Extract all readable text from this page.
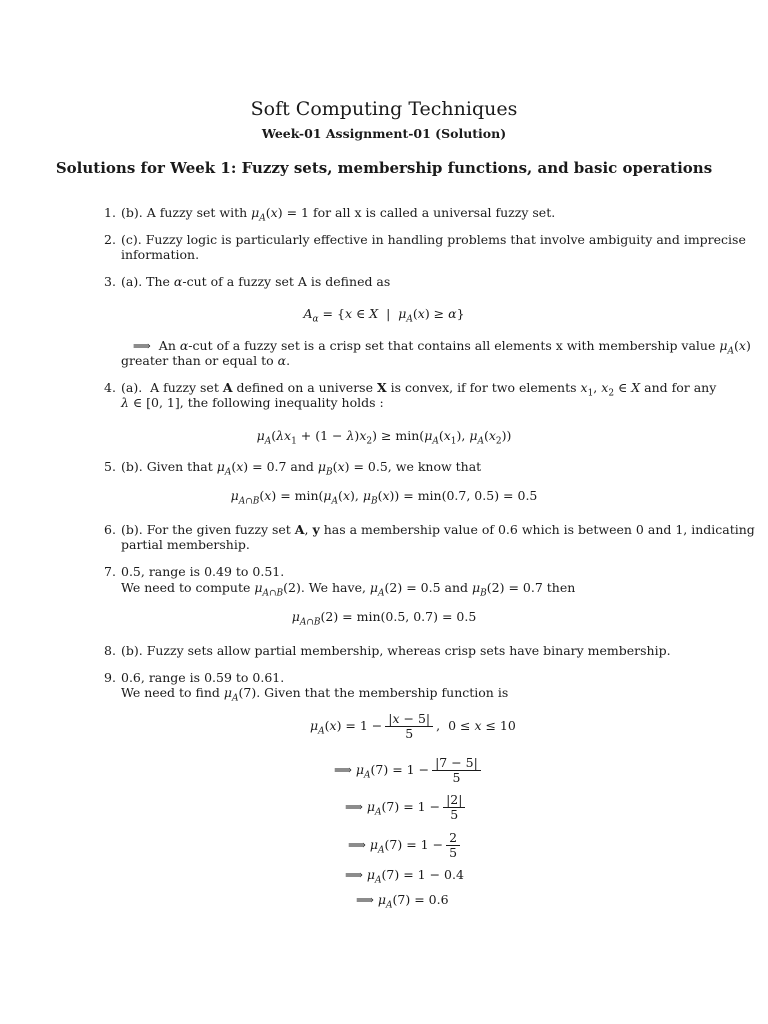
Soft Computing Techniques
Week-01 Assignment-01 (Solution)
Solutions for Week 1: Fuzzy sets, membership functions, and basic operations
1. (b). A fuzzy set with $\mu_A(x) = 1$ for all x is called a universal fuzzy set.
2. (c). Fuzzy logic is particularly effective in handling problems that involve ambiguity and imprecise
information.
3. (a). The α-cut of a fuzzy set A is defined as
$A_\alpha = \{x$ ∈ X  |  $\mu_A(x) \ge \alpha$}
⟹  An α-cut of a fuzzy set is a crisp set that contains all elements x with membership value $\mu_A(x)$
greater than or equal to α.
4. (a).  A fuzzy set A defined on a universe X is convex, if for two elements $x_1$, $x_2$ ∈ X and for any
λ ∈ [0, 1], the following inequality holds :
$\mu_A(\lambda x_1 + (1 - \lambda)x_2) \ge \min(\mu_A(x_1)$, $\mu_A(x_2)$)
5. (b). Given that $\mu_A(x) = 0.7$ and $\mu_B(x) = 0.5$, we know that
$\mu_{A\cap B}(x) = \min(\mu_A(x)$, $\mu_B(x)) = \min(0.7$, 0.5) = 0.5
6. (b). For the given fuzzy set A, y has a membership value of 0.6 which is between 0 and 1, indicating
partial membership.
7. 0.5, range is 0.49 to 0.51.
We need to compute $\mu_{A\cap B}(2)$. We have, $\mu_A(2) = 0.5$ and $\mu_B(2) = 0.7$ then
$\mu_{A\cap B}(2) = \min(0.5$, 0.7) = 0.5
8. (b). Fuzzy sets allow partial membership, whereas crisp sets have binary membership.
9. 0.6, range is 0.59 to 0.61.
We need to find $\mu_A(7)$. Given that the membership function is
$\mu_A(x) = 1 - \frac{|x - 5|}{5}$ ,  0 ≤ x ≤ 10
⟹ $\mu_A(7) = 1 - \frac{|7 - 5|}{5}$
⟹ $\mu_A(7) = 1 - \frac{|2|}{5}$
⟹ $\mu_A(7) = 1 - \frac{2}{5}$
⟹ $\mu_A(7) = 1 - 0.4$
⟹ $\mu_A(7) = 0.6$
